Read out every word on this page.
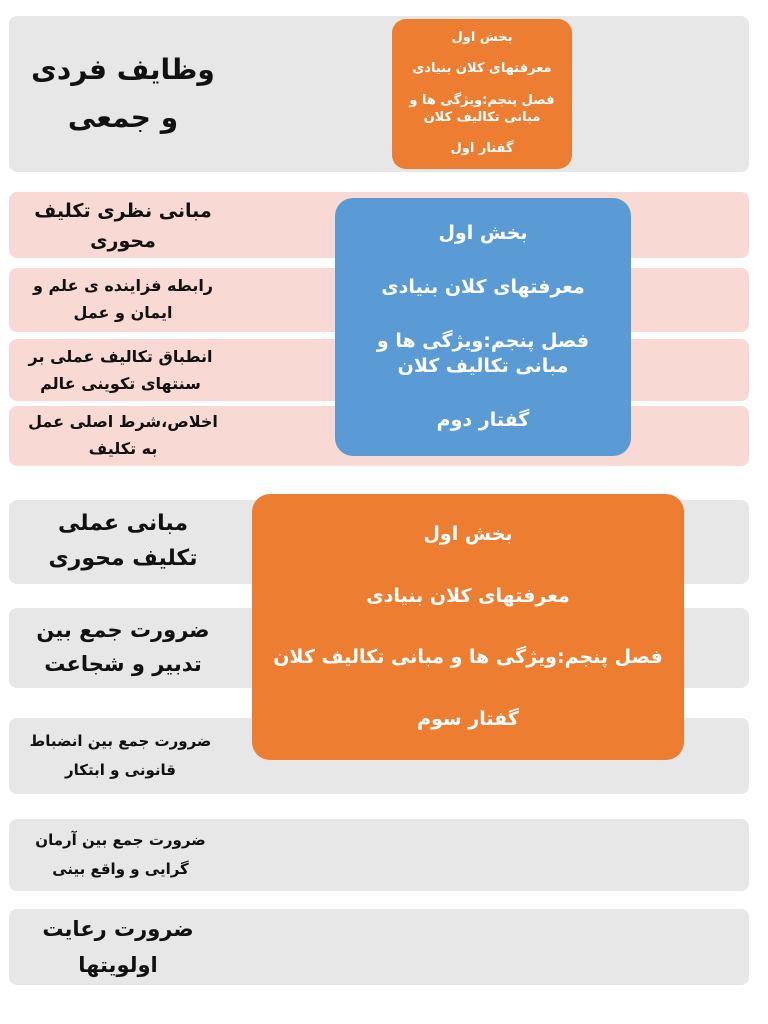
وظایف فردی و جمعی
بخش اول
معرفتهای کلان بنیادی
فصل پنجم:ویژگی ها و مبانی تکالیف کلان
گفتار اول
مبانی نظری تکلیف محوری
رابطه فزاینده ی علم و ایمان و عمل
انطباق تکالیف عملی بر سنتهای تکوینی عالم
اخلاص،شرط اصلی عمل به تکلیف
بخش اول
معرفتهای کلان بنیادی
فصل پنجم:ویژگی ها و مبانی تکالیف کلان
گفتار دوم
مبانی عملی تکلیف محوری
ضرورت جمع بین تدبیر و شجاعت
ضرورت جمع بین انضباط قانونی و ابتکار
ضرورت جمع بین آرمان گرایی و واقع بینی
ضرورت رعایت اولویتها
بخش اول
معرفتهای کلان بنیادی
فصل پنجم:ویژگی ها و مبانی تکالیف کلان
گفتار سوم
